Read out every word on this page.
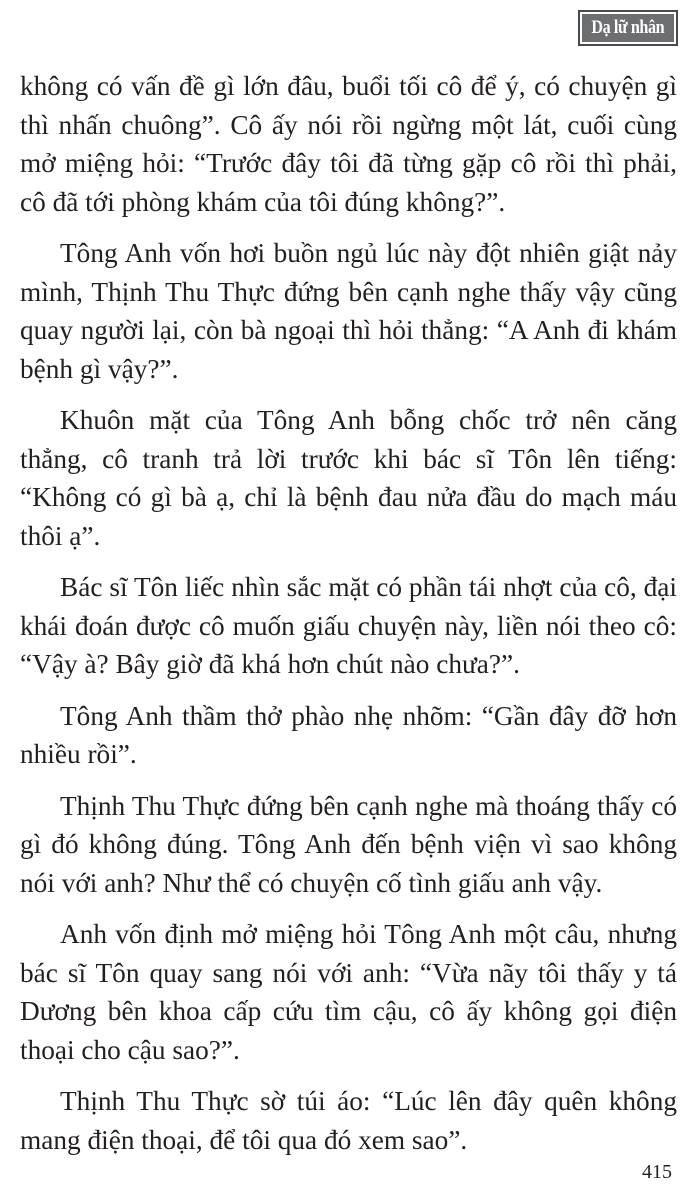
Dạ lữ nhân

không có vấn đề gì lớn đâu, buổi tối cô để ý, có chuyện gì thì nhấn chuông”. Cô ấy nói rồi ngừng một lát, cuối cùng mở miệng hỏi: “Trước đây tôi đã từng gặp cô rồi thì phải, cô đã tới phòng khám của tôi đúng không?”.

Tông Anh vốn hơi buồn ngủ lúc này đột nhiên giật nảy mình, Thịnh Thu Thực đứng bên cạnh nghe thấy vậy cũng quay người lại, còn bà ngoại thì hỏi thẳng: “A Anh đi khám bệnh gì vậy?”.

Khuôn mặt của Tông Anh bỗng chốc trở nên căng thẳng, cô tranh trả lời trước khi bác sĩ Tôn lên tiếng: “Không có gì bà ạ, chỉ là bệnh đau nửa đầu do mạch máu thôi ạ”.

Bác sĩ Tôn liếc nhìn sắc mặt có phần tái nhợt của cô, đại khái đoán được cô muốn giấu chuyện này, liền nói theo cô: “Vậy à? Bây giờ đã khá hơn chút nào chưa?”.

Tông Anh thầm thở phào nhẹ nhõm: “Gần đây đỡ hơn nhiều rồi”.

Thịnh Thu Thực đứng bên cạnh nghe mà thoáng thấy có gì đó không đúng. Tông Anh đến bệnh viện vì sao không nói với anh? Như thể có chuyện cố tình giấu anh vậy.

Anh vốn định mở miệng hỏi Tông Anh một câu, nhưng bác sĩ Tôn quay sang nói với anh: “Vừa nãy tôi thấy y tá Dương bên khoa cấp cứu tìm cậu, cô ấy không gọi điện thoại cho cậu sao?”.

Thịnh Thu Thực sờ túi áo: “Lúc lên đây quên không mang điện thoại, để tôi qua đó xem sao”.

415
